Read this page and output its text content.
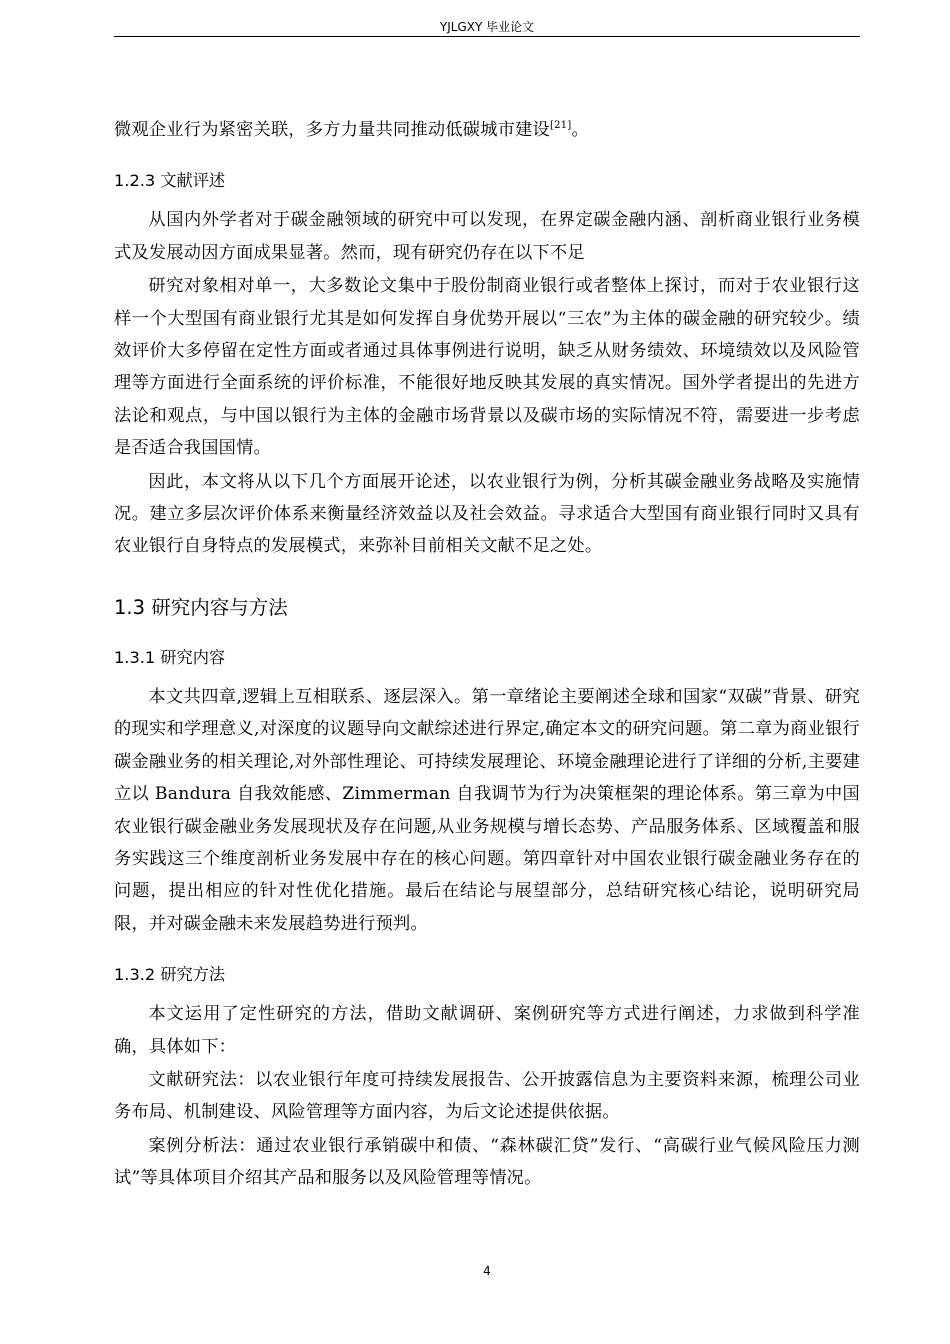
YJLGXY 毕业论文

微观企业行为紧密关联，多方力量共同推动低碳城市建设[21]。

1.2.3 文献评述

从国内外学者对于碳金融领域的研究中可以发现，在界定碳金融内涵、剖析商业银行业务模式及发展动因方面成果显著。然而，现有研究仍存在以下不足

研究对象相对单一，大多数论文集中于股份制商业银行或者整体上探讨，而对于农业银行这样一个大型国有商业银行尤其是如何发挥自身优势开展以“三农”为主体的碳金融的研究较少。绩效评价大多停留在定性方面或者通过具体事例进行说明，缺乏从财务绩效、环境绩效以及风险管理等方面进行全面系统的评价标准，不能很好地反映其发展的真实情况。国外学者提出的先进方法论和观点，与中国以银行为主体的金融市场背景以及碳市场的实际情况不符，需要进一步考虑是否适合我国国情。

因此，本文将从以下几个方面展开论述，以农业银行为例，分析其碳金融业务战略及实施情况。建立多层次评价体系来衡量经济效益以及社会效益。寻求适合大型国有商业银行同时又具有农业银行自身特点的发展模式，来弥补目前相关文献不足之处。

1.3 研究内容与方法
1.3.1 研究内容

本文共四章,逻辑上互相联系、逐层深入。第一章绪论主要阐述全球和国家“双碳”背景、研究的现实和学理意义,对深度的议题导向文献综述进行界定,确定本文的研究问题。第二章为商业银行碳金融业务的相关理论,对外部性理论、可持续发展理论、环境金融理论进行了详细的分析,主要建立以 Bandura 自我效能感、Zimmerman 自我调节为行为决策框架的理论体系。第三章为中国农业银行碳金融业务发展现状及存在问题,从业务规模与增长态势、产品服务体系、区域覆盖和服务实践这三个维度剖析业务发展中存在的核心问题。第四章针对中国农业银行碳金融业务存在的问题，提出相应的针对性优化措施。最后在结论与展望部分，总结研究核心结论，说明研究局限，并对碳金融未来发展趋势进行预判。

1.3.2 研究方法

本文运用了定性研究的方法，借助文献调研、案例研究等方式进行阐述，力求做到科学准确，具体如下：

文献研究法：以农业银行年度可持续发展报告、公开披露信息为主要资料来源，梳理公司业务布局、机制建设、风险管理等方面内容，为后文论述提供依据。

案例分析法：通过农业银行承销碳中和债、“森林碳汇贷”发行、“高碳行业气候风险压力测试”等具体项目介绍其产品和服务以及风险管理等情况。

4
